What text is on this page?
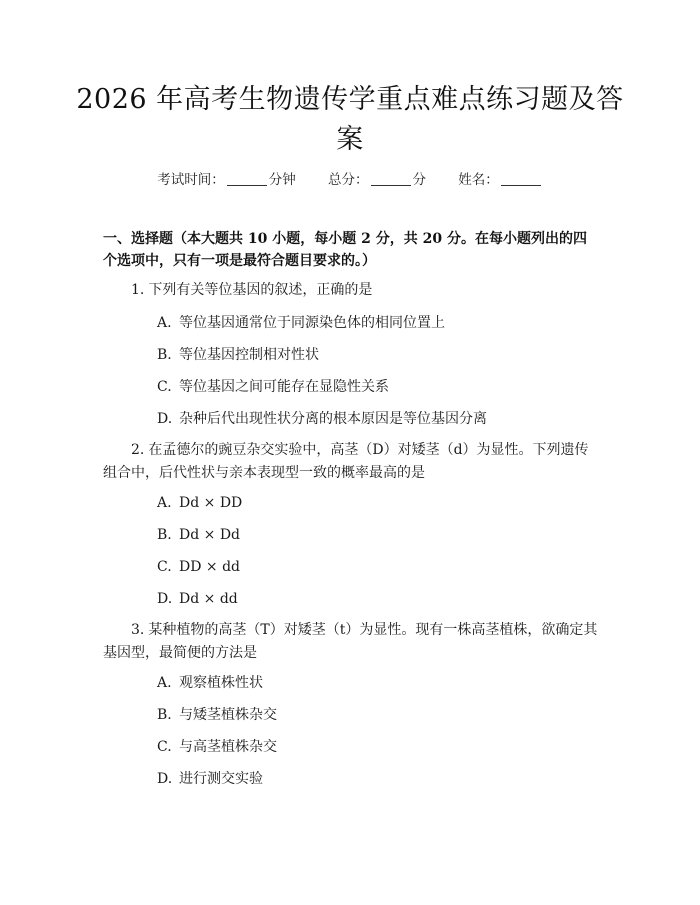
2026 年高考生物遗传学重点难点练习题及答
案
考试时间：	分钟 总分：	分 姓名：
一、选择题（本大题共 10 小题，每小题 2 分，共 20 分。在每小题列出的四个选项中，只有一项是最符合题目要求的。）
1. 下列有关等位基因的叙述，正确的是
A. 等位基因通常位于同源染色体的相同位置上
B. 等位基因控制相对性状
C. 等位基因之间可能存在显隐性关系
D. 杂种后代出现性状分离的根本原因是等位基因分离
2. 在孟德尔的豌豆杂交实验中，高茎（D）对矮茎（d）为显性。下列遗传组合中，后代性状与亲本表现型一致的概率最高的是
A. Dd × DD
B. Dd × Dd
C. DD × dd
D. Dd × dd
3. 某种植物的高茎（T）对矮茎（t）为显性。现有一株高茎植株，欲确定其基因型，最简便的方法是
A. 观察植株性状
B. 与矮茎植株杂交
C. 与高茎植株杂交
D. 进行测交实验
